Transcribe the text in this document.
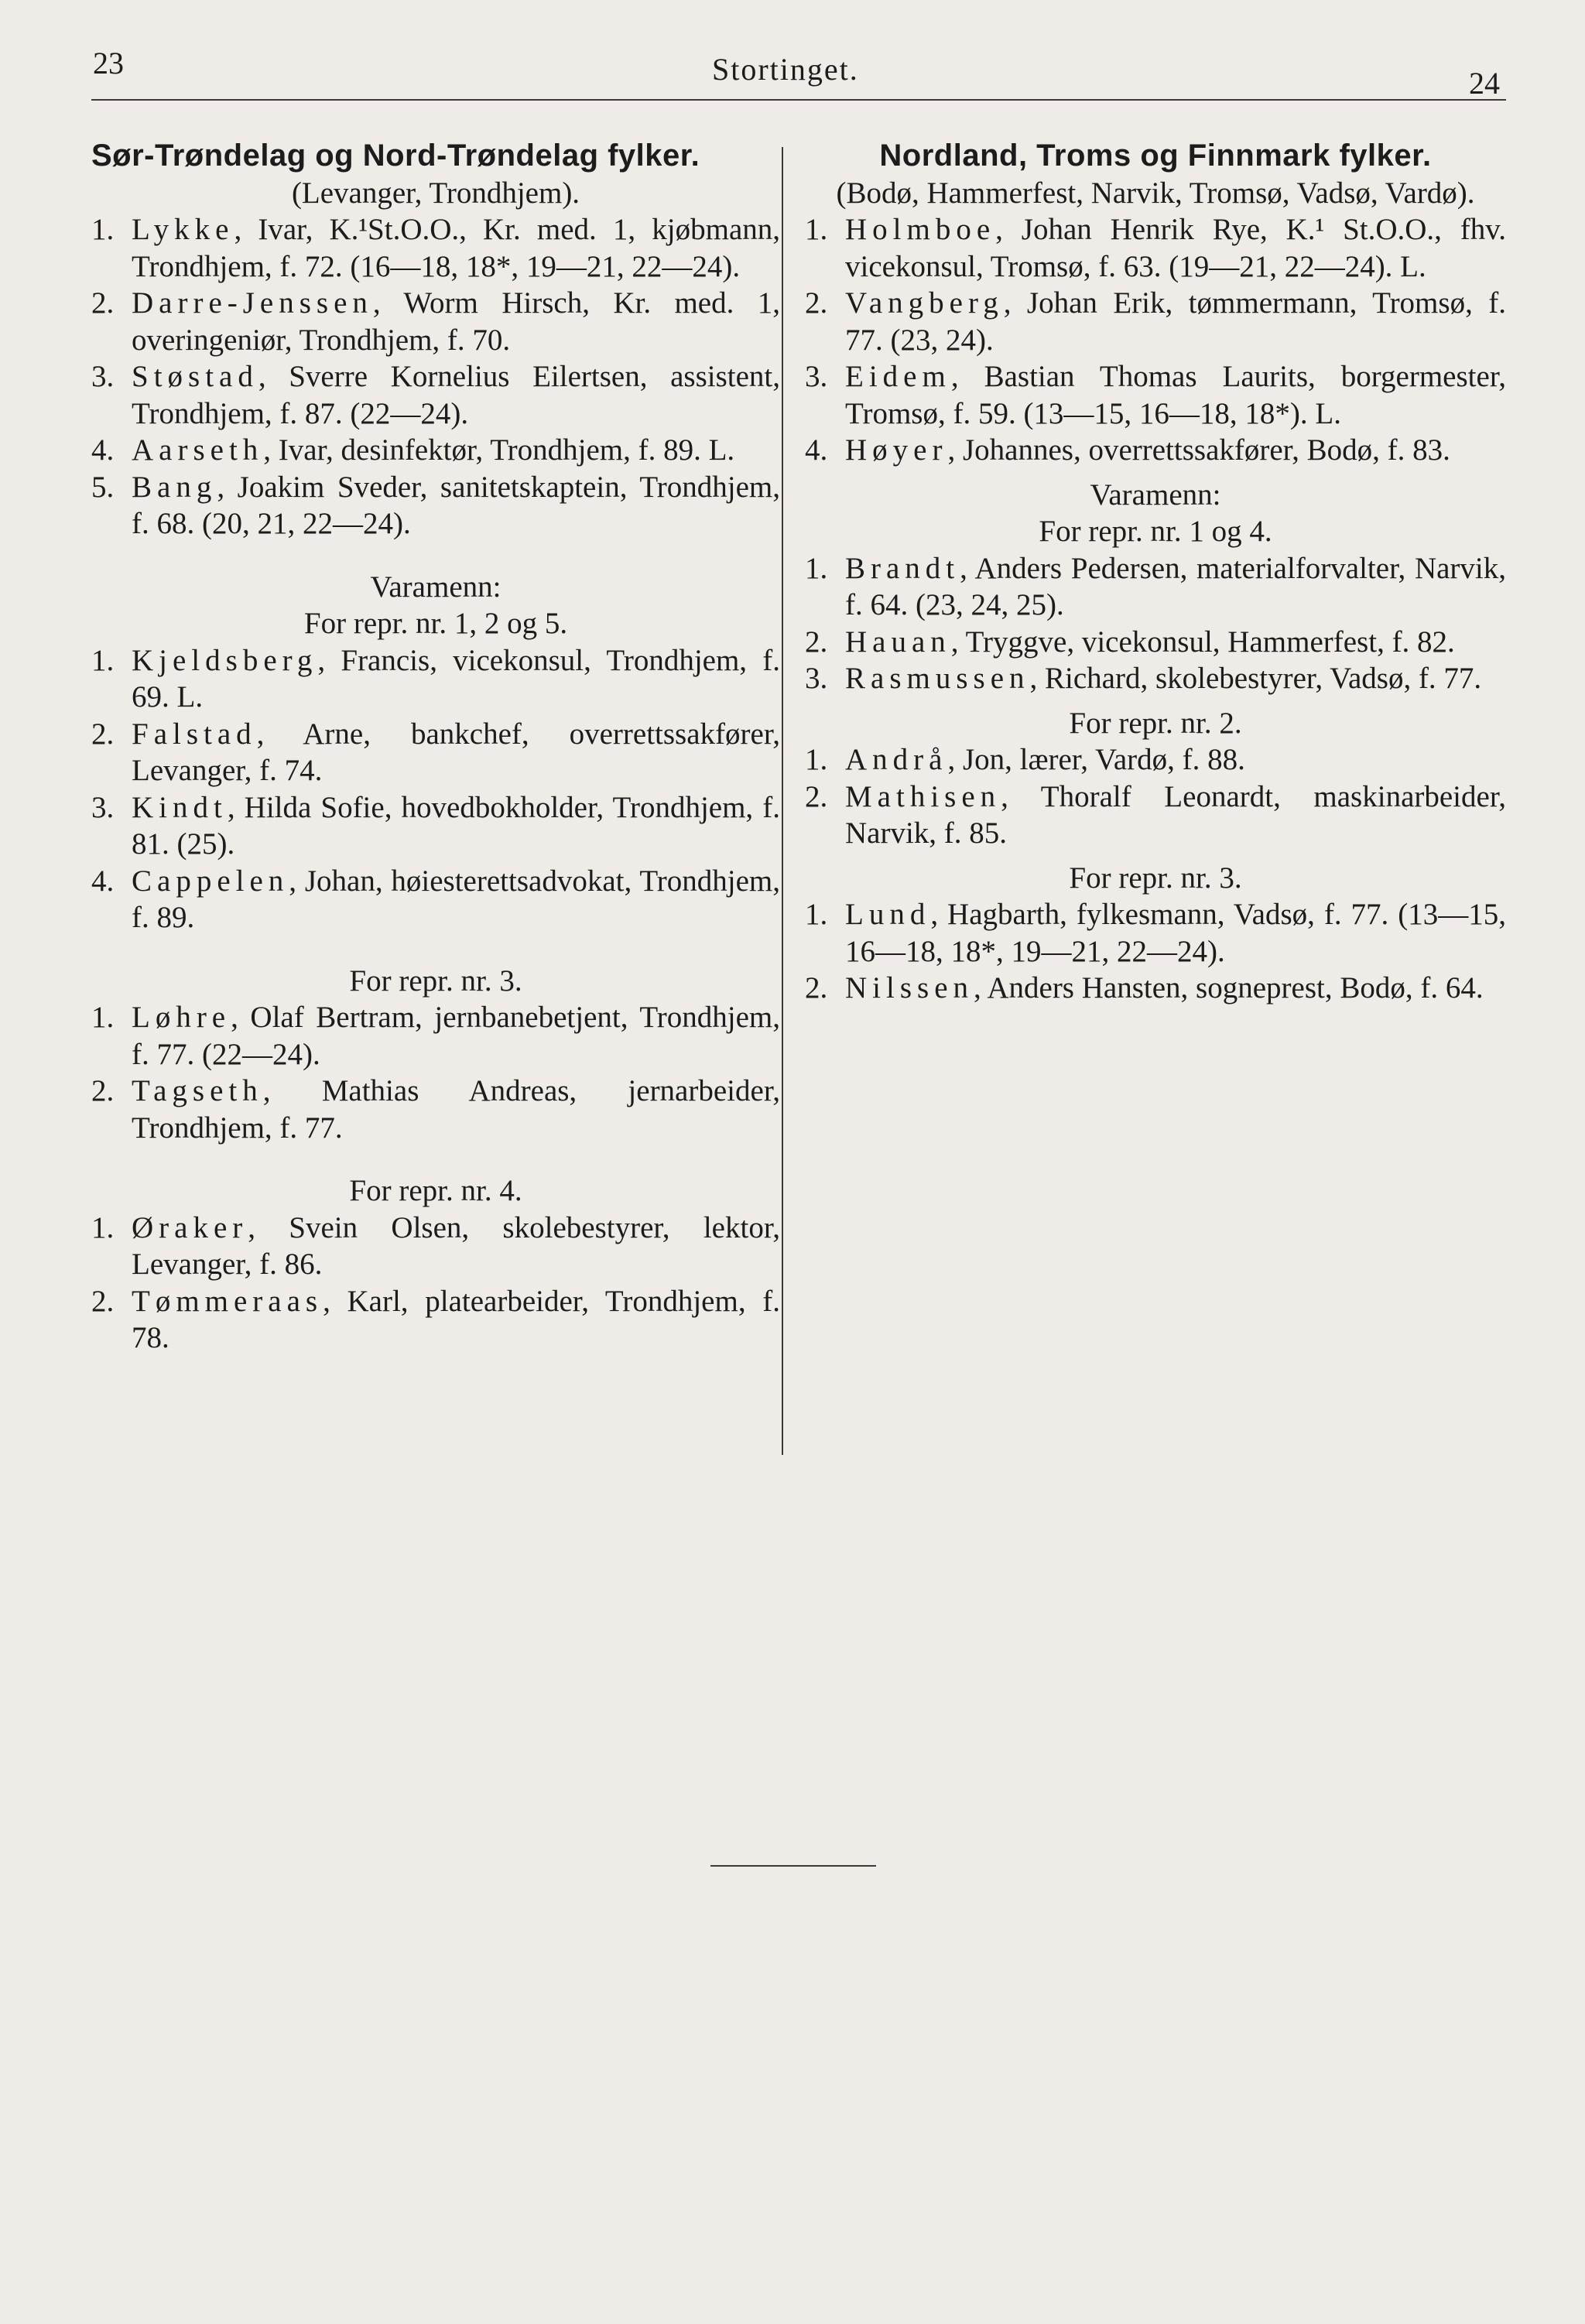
23	Stortinget.	24
Sør-Trøndelag og Nord-Trøndelag fylker.
(Levanger, Trondhjem).
1. Lykke, Ivar, K.¹St.O.O., Kr. med. 1, kjøbmann, Trondhjem, f. 72. (16—18, 18*, 19—21, 22—24).
2. Darre-Jenssen, Worm Hirsch, Kr. med. 1, overingeniør, Trondhjem, f. 70.
3. Støstad, Sverre Kornelius Eilertsen, assistent, Trondhjem, f. 87. (22—24).
4. Aarseth, Ivar, desinfektør, Trondhjem, f. 89. L.
5. Bang, Joakim Sveder, sanitetskaptein, Trondhjem, f. 68. (20, 21, 22—24).
Varamenn:
For repr. nr. 1, 2 og 5.
1. Kjeldsberg, Francis, vicekonsul, Trondhjem, f. 69. L.
2. Falstad, Arne, bankchef, overrettssakfører, Levanger, f. 74.
3. Kindt, Hilda Sofie, hovedbokholder, Trondhjem, f. 81. (25).
4. Cappelen, Johan, høiesterettsadvokat, Trondhjem, f. 89.
For repr. nr. 3.
1. Løhre, Olaf Bertram, jernbanebetjent, Trondhjem, f. 77. (22—24).
2. Tagseth, Mathias Andreas, jernarbeider, Trondhjem, f. 77.
For repr. nr. 4.
1. Øraker, Svein Olsen, skolebestyrer, lektor, Levanger, f. 86.
2. Tømmeraas, Karl, platearbeider, Trondhjem, f. 78.
Nordland, Troms og Finnmark fylker.
(Bodø, Hammerfest, Narvik, Tromsø, Vadsø, Vardø).
1. Holmboe, Johan Henrik Rye, K.¹ St.O.O., fhv. vicekonsul, Tromsø, f. 63. (19—21, 22—24). L.
2. Vangberg, Johan Erik, tømmermann, Tromsø, f. 77. (23, 24).
3. Eidem, Bastian Thomas Laurits, borgermester, Tromsø, f. 59. (13—15, 16—18, 18*). L.
4. Høyer, Johannes, overrettssakfører, Bodø, f. 83.
Varamenn:
For repr. nr. 1 og 4.
1. Brandt, Anders Pedersen, materialforvalter, Narvik, f. 64. (23, 24, 25).
2. Hauan, Tryggve, vicekonsul, Hammerfest, f. 82.
3. Rasmussen, Richard, skolebestyrer, Vadsø, f. 77.
For repr. nr. 2.
1. Andrå, Jon, lærer, Vardø, f. 88.
2. Mathisen, Thoralf Leonardt, maskinarbeider, Narvik, f. 85.
For repr. nr. 3.
1. Lund, Hagbarth, fylkesmann, Vadsø, f. 77. (13—15, 16—18, 18*, 19—21, 22—24).
2. Nilssen, Anders Hansten, sogneprest, Bodø, f. 64.
